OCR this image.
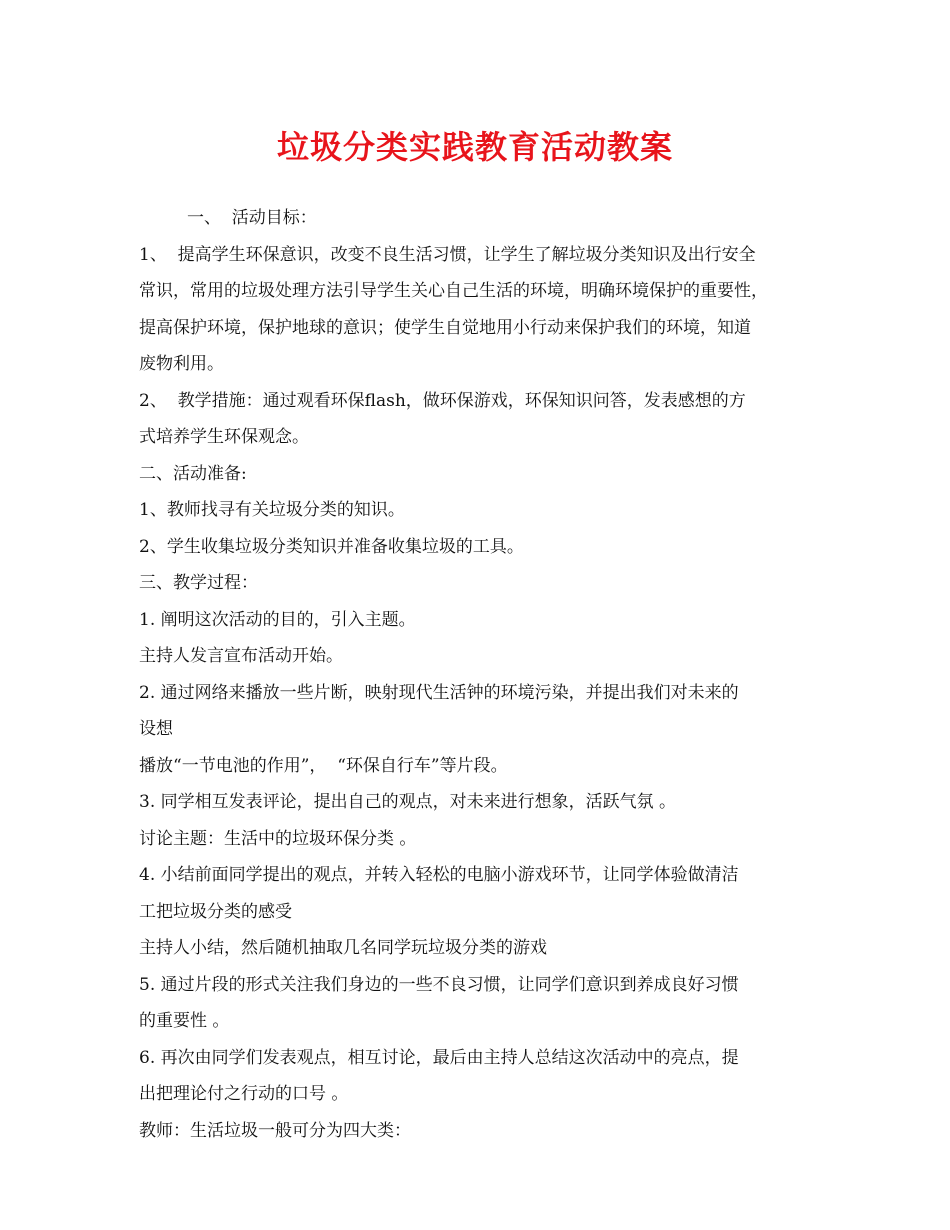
垃圾分类实践教育活动教案
一、  活动目标：
1、  提高学生环保意识，改变不良生活习惯，让学生了解垃圾分类知识及出行安全
常识，常用的垃圾处理方法引导学生关心自己生活的环境，明确环境保护的重要性，
提高保护环境，保护地球的意识；使学生自觉地用小行动来保护我们的环境，知道
废物利用。
2、  教学措施：通过观看环保flash，做环保游戏，环保知识问答，发表感想的方
式培养学生环保观念。
二、活动准备:
1、教师找寻有关垃圾分类的知识。
2、学生收集垃圾分类知识并准备收集垃圾的工具。
三、教学过程：
1. 阐明这次活动的目的，引入主题。
主持人发言宣布活动开始。
2. 通过网络来播放一些片断，映射现代生活钟的环境污染，并提出我们对未来的
设想
播放“一节电池的作用”，  “环保自行车”等片段。
3. 同学相互发表评论，提出自己的观点，对未来进行想象，活跃气氛 。
讨论主题：生活中的垃圾环保分类 。
4. 小结前面同学提出的观点，并转入轻松的电脑小游戏环节，让同学体验做清洁
工把垃圾分类的感受
主持人小结，然后随机抽取几名同学玩垃圾分类的游戏
5. 通过片段的形式关注我们身边的一些不良习惯，让同学们意识到养成良好习惯
的重要性 。
6. 再次由同学们发表观点，相互讨论，最后由主持人总结这次活动中的亮点，提
出把理论付之行动的口号 。
教师：生活垃圾一般可分为四大类：
